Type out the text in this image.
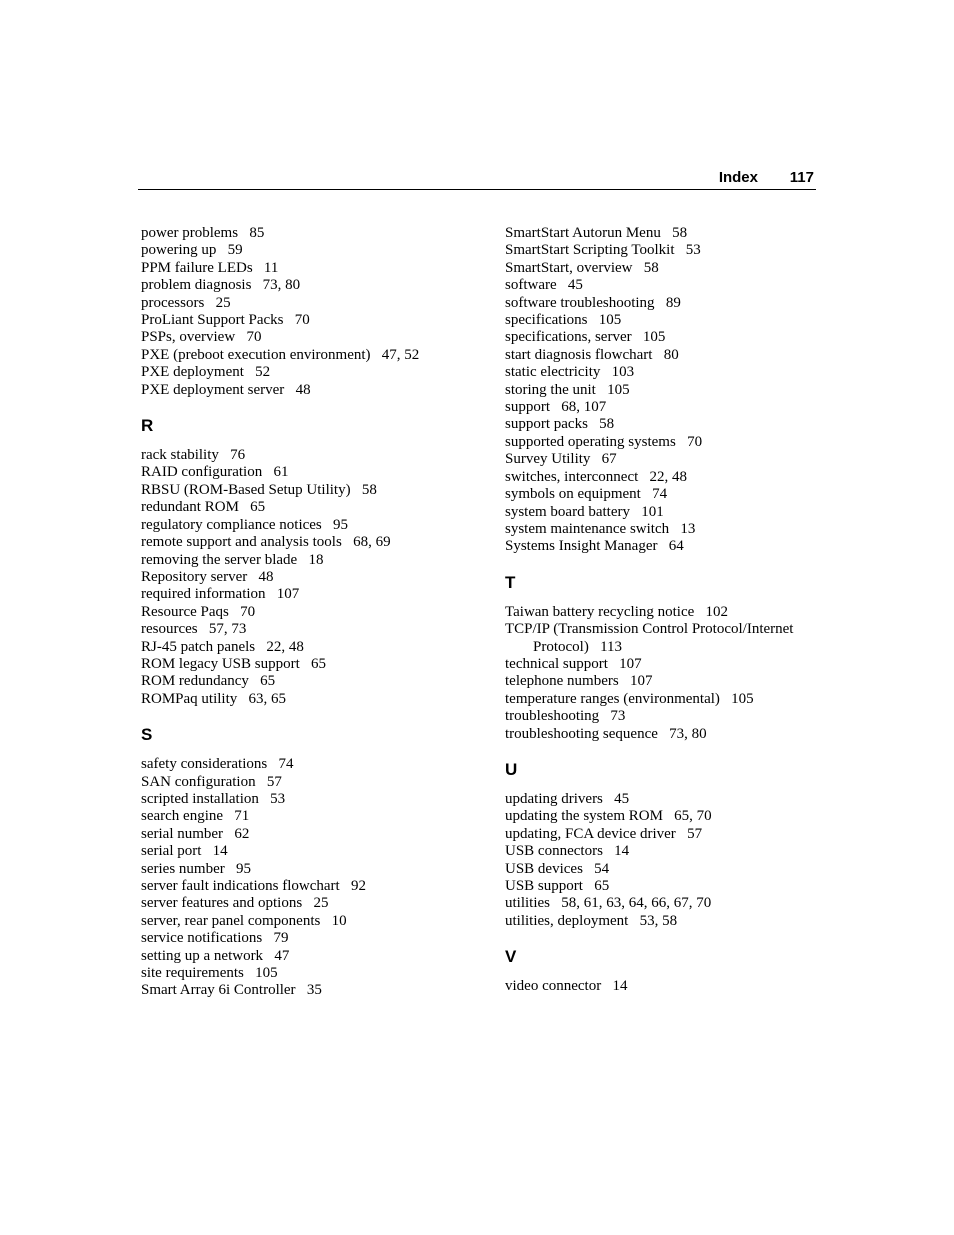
Index 117
power problems 85
powering up 59
PPM failure LEDs 11
problem diagnosis 73, 80
processors 25
ProLiant Support Packs 70
PSPs, overview 70
PXE (preboot execution environment) 47, 52
PXE deployment 52
PXE deployment server 48
R
rack stability 76
RAID configuration 61
RBSU (ROM-Based Setup Utility) 58
redundant ROM 65
regulatory compliance notices 95
remote support and analysis tools 68, 69
removing the server blade 18
Repository server 48
required information 107
Resource Paqs 70
resources 57, 73
RJ-45 patch panels 22, 48
ROM legacy USB support 65
ROM redundancy 65
ROMPaq utility 63, 65
S
safety considerations 74
SAN configuration 57
scripted installation 53
search engine 71
serial number 62
serial port 14
series number 95
server fault indications flowchart 92
server features and options 25
server, rear panel components 10
service notifications 79
setting up a network 47
site requirements 105
Smart Array 6i Controller 35
SmartStart Autorun Menu 58
SmartStart Scripting Toolkit 53
SmartStart, overview 58
software 45
software troubleshooting 89
specifications 105
specifications, server 105
start diagnosis flowchart 80
static electricity 103
storing the unit 105
support 68, 107
support packs 58
supported operating systems 70
Survey Utility 67
switches, interconnect 22, 48
symbols on equipment 74
system board battery 101
system maintenance switch 13
Systems Insight Manager 64
T
Taiwan battery recycling notice 102
TCP/IP (Transmission Control Protocol/Internet Protocol) 113
technical support 107
telephone numbers 107
temperature ranges (environmental) 105
troubleshooting 73
troubleshooting sequence 73, 80
U
updating drivers 45
updating the system ROM 65, 70
updating, FCA device driver 57
USB connectors 14
USB devices 54
USB support 65
utilities 58, 61, 63, 64, 66, 67, 70
utilities, deployment 53, 58
V
video connector 14
